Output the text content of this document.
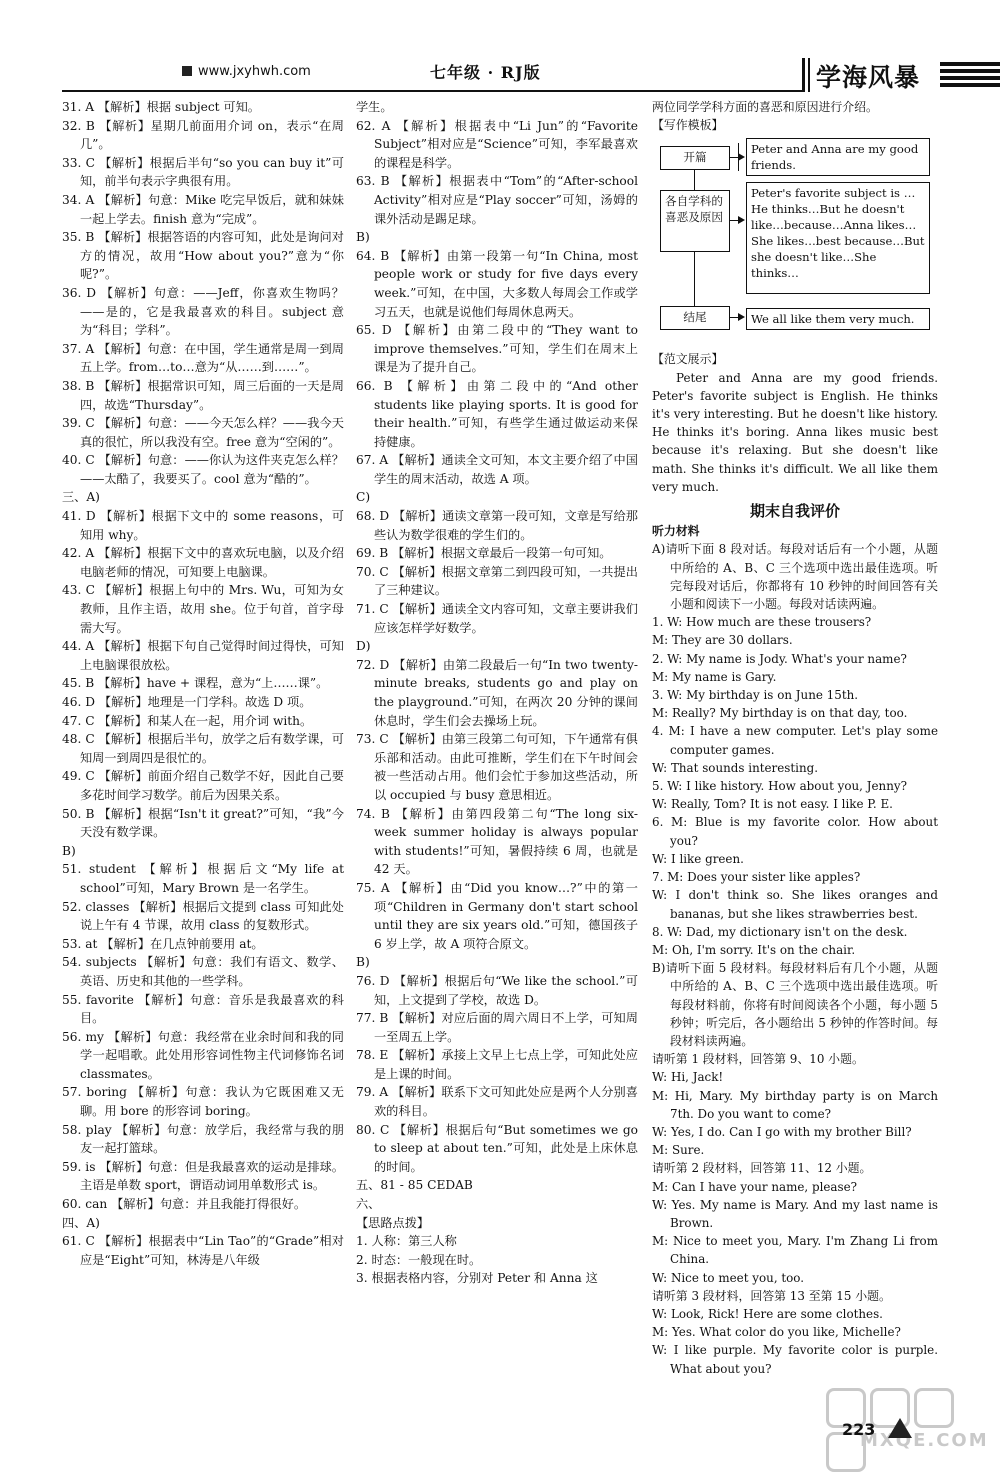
www.jxyhwh.com	七年级 · RJ版	学海风暴
31. A 【解析】根据 subject 可知。
32. B 【解析】星期几前面用介词 on，表示“在周几”。
33. C 【解析】根据后半句“so you can buy it”可知，前半句表示字典很有用。
34. A 【解析】句意：Mike 吃完早饭后，就和妹妹一起上学去。finish 意为“完成”。
35. B 【解析】根据答语的内容可知，此处是询问对方的情况，故用“How about you?”意为“你呢?”。
36. D 【解析】句意：——Jeff，你喜欢生物吗？——是的，它是我最喜欢的科目。subject 意为“科目；学科”。
37. A 【解析】句意：在中国，学生通常是周一到周五上学。from…to…意为“从……到……”。
38. B 【解析】根据常识可知，周三后面的一天是周四，故选“Thursday”。
39. C 【解析】句意：——今天怎么样？——我今天真的很忙，所以我没有空。free 意为“空闲的”。
40. C 【解析】句意：——你认为这件夹克怎么样？——太酷了，我要买了。cool 意为“酷的”。
三、A)
41. D 【解析】根据下文中的 some reasons，可知用 why。
42. A 【解析】根据下文中的喜欢玩电脑，以及介绍电脑老师的情况，可知要上电脑课。
43. C 【解析】根据上句中的 Mrs. Wu，可知为女教师，且作主语，故用 she。位于句首，首字母需大写。
44. A 【解析】根据下句自己觉得时间过得快，可知上电脑课很放松。
45. B 【解析】have + 课程，意为“上……课”。
46. D 【解析】地理是一门学科。故选 D 项。
47. C 【解析】和某人在一起，用介词 with。
48. C 【解析】根据后半句，放学之后有数学课，可知周一到周四是很忙的。
49. C 【解析】前面介绍自己数学不好，因此自己要多花时间学习数学。前后为因果关系。
50. B 【解析】根据“Isn't it great?”可知，“我”今天没有数学课。
B)
51. student 【解析】根据后文“My life at school”可知，Mary Brown 是一名学生。
52. classes 【解析】根据后文提到 class 可知此处说上午有 4 节课，故用 class 的复数形式。
53. at 【解析】在几点钟前要用 at。
54. subjects 【解析】句意：我们有语文、数学、英语、历史和其他的一些学科。
55. favorite 【解析】句意：音乐是我最喜欢的科目。
56. my 【解析】句意：我经常在业余时间和我的同学一起唱歌。此处用形容词性物主代词修饰名词 classmates。
57. boring 【解析】句意：我认为它既困难又无聊。用 bore 的形容词 boring。
58. play 【解析】句意：放学后，我经常与我的朋友一起打篮球。
59. is 【解析】句意：但是我最喜欢的运动是排球。主语是单数 sport，谓语动词用单数形式 is。
60. can 【解析】句意：并且我能打得很好。
四、A)
61. C 【解析】根据表中“Lin Tao”的“Grade”相对应是“Eight”可知，林涛是八年级
学生。
62. A 【解析】根据表中“Li Jun”的“Favorite Subject”相对应是“Science”可知，李军最喜欢的课程是科学。
63. B 【解析】根据表中“Tom”的“After-school Activity”相对应是“Play soccer”可知，汤姆的课外活动是踢足球。
B)
64. B 【解析】由第一段第一句“In China, most people work or study for five days every week.”可知，在中国，大多数人每周会工作或学习五天，也就是说他们每周休息两天。
65. D 【解析】由第二段中的“They want to improve themselves.”可知，学生们在周末上课是为了提升自己。
66. B 【解析】由第二段中的“And other students like playing sports. It is good for their health.”可知，有些学生通过做运动来保持健康。
67. A 【解析】通读全文可知，本文主要介绍了中国学生的周末活动，故选 A 项。
C)
68. D 【解析】通读文章第一段可知，文章是写给那些认为数学很难的学生们的。
69. B 【解析】根据文章最后一段第一句可知。
70. C 【解析】根据文章第二到四段可知，一共提出了三种建议。
71. C 【解析】通读全文内容可知，文章主要讲我们应该怎样学好数学。
D)
72. D 【解析】由第二段最后一句“In two twenty-minute breaks, students go and play on the playground.”可知，在两次 20 分钟的课间休息时，学生们会去操场上玩。
73. C 【解析】由第三段第二句可知，下午通常有俱乐部和活动。由此可推断，学生们在下午时间会被一些活动占用。他们会忙于参加这些活动，所以 occupied 与 busy 意思相近。
74. B 【解析】由第四段第二句“The long six-week summer holiday is always popular with students!”可知，暑假持续 6 周，也就是 42 天。
75. A 【解析】由“Did you know…?”中的第一项“Children in Germany don't start school until they are six years old.”可知，德国孩子 6 岁上学，故 A 项符合原文。
B)
76. D 【解析】根据后句“We like the school.”可知，上文提到了学校，故选 D。
77. B 【解析】对应后面的周六周日不上学，可知周一至周五上学。
78. E 【解析】承接上文早上七点上学，可知此处应是上课的时间。
79. A 【解析】联系下文可知此处应是两个人分别喜欢的科目。
80. C 【解析】根据后句“But sometimes we go to sleep at about ten.”可知，此处是上床休息的时间。
五、81 - 85 CEDAB
六、
【思路点拨】
1. 人称：第三人称
2. 时态：一般现在时。
3. 根据表格内容，分别对 Peter 和 Anna 这
两位同学学科方面的喜恶和原因进行介绍。
【写作模板】
开篇
Peter and Anna are my good friends.
各自学科的喜恶及原因
Peter's favorite subject is …He thinks…But he doesn't like…because…Anna likes…She likes…best because…But she doesn't like…She thinks…
结尾	We all like them very much.
【范文展示】
Peter and Anna are my good friends. Peter's favorite subject is English. He thinks it's very interesting. But he doesn't like history. He thinks it's boring. Anna likes music best because it's relaxing. But she doesn't like math. She thinks it's difficult. We all like them very much.
期末自我评价
听力材料
A)请听下面 8 段对话。每段对话后有一个小题，从题中所给的 A、B、C 三个选项中选出最佳选项。听完每段对话后，你都将有 10 秒钟的时间回答有关小题和阅读下一小题。每段对话读两遍。
1. W: How much are these trousers?
M: They are 30 dollars.
2. W: My name is Jody. What's your name?
M: My name is Gary.
3. W: My birthday is on June 15th.
M: Really? My birthday is on that day, too.
4. M: I have a new computer. Let's play some computer games.
W: That sounds interesting.
5. W: I like history. How about you, Jenny?
W: Really, Tom? It is not easy. I like P. E.
6. M: Blue is my favorite color. How about you?
W: I like green.
7. M: Does your sister like apples?
W: I don't think so. She likes oranges and bananas, but she likes strawberries best.
8. W: Dad, my dictionary isn't on the desk.
M: Oh, I'm sorry. It's on the chair.
B)请听下面 5 段材料。每段材料后有几个小题，从题中所给的 A、B、C 三个选项中选出最佳选项。听每段材料前，你将有时间阅读各个小题，每小题 5 秒钟；听完后，各小题给出 5 秒钟的作答时间。每段材料读两遍。
请听第 1 段材料，回答第 9、10 小题。
W: Hi, Jack!
M: Hi, Mary. My birthday party is on March 7th. Do you want to come?
W: Yes, I do. Can I go with my brother Bill?
M: Sure.
请听第 2 段材料，回答第 11、12 小题。
M: Can I have your name, please?
W: Yes. My name is Mary. And my last name is Brown.
M: Nice to meet you, Mary. I'm Zhang Li from China.
W: Nice to meet you, too.
请听第 3 段材料，回答第 13 至第 15 小题。
W: Look, Rick! Here are some clothes.
M: Yes. What color do you like, Michelle?
W: I like purple. My favorite color is purple. What about you?
MXQE.COM
223
